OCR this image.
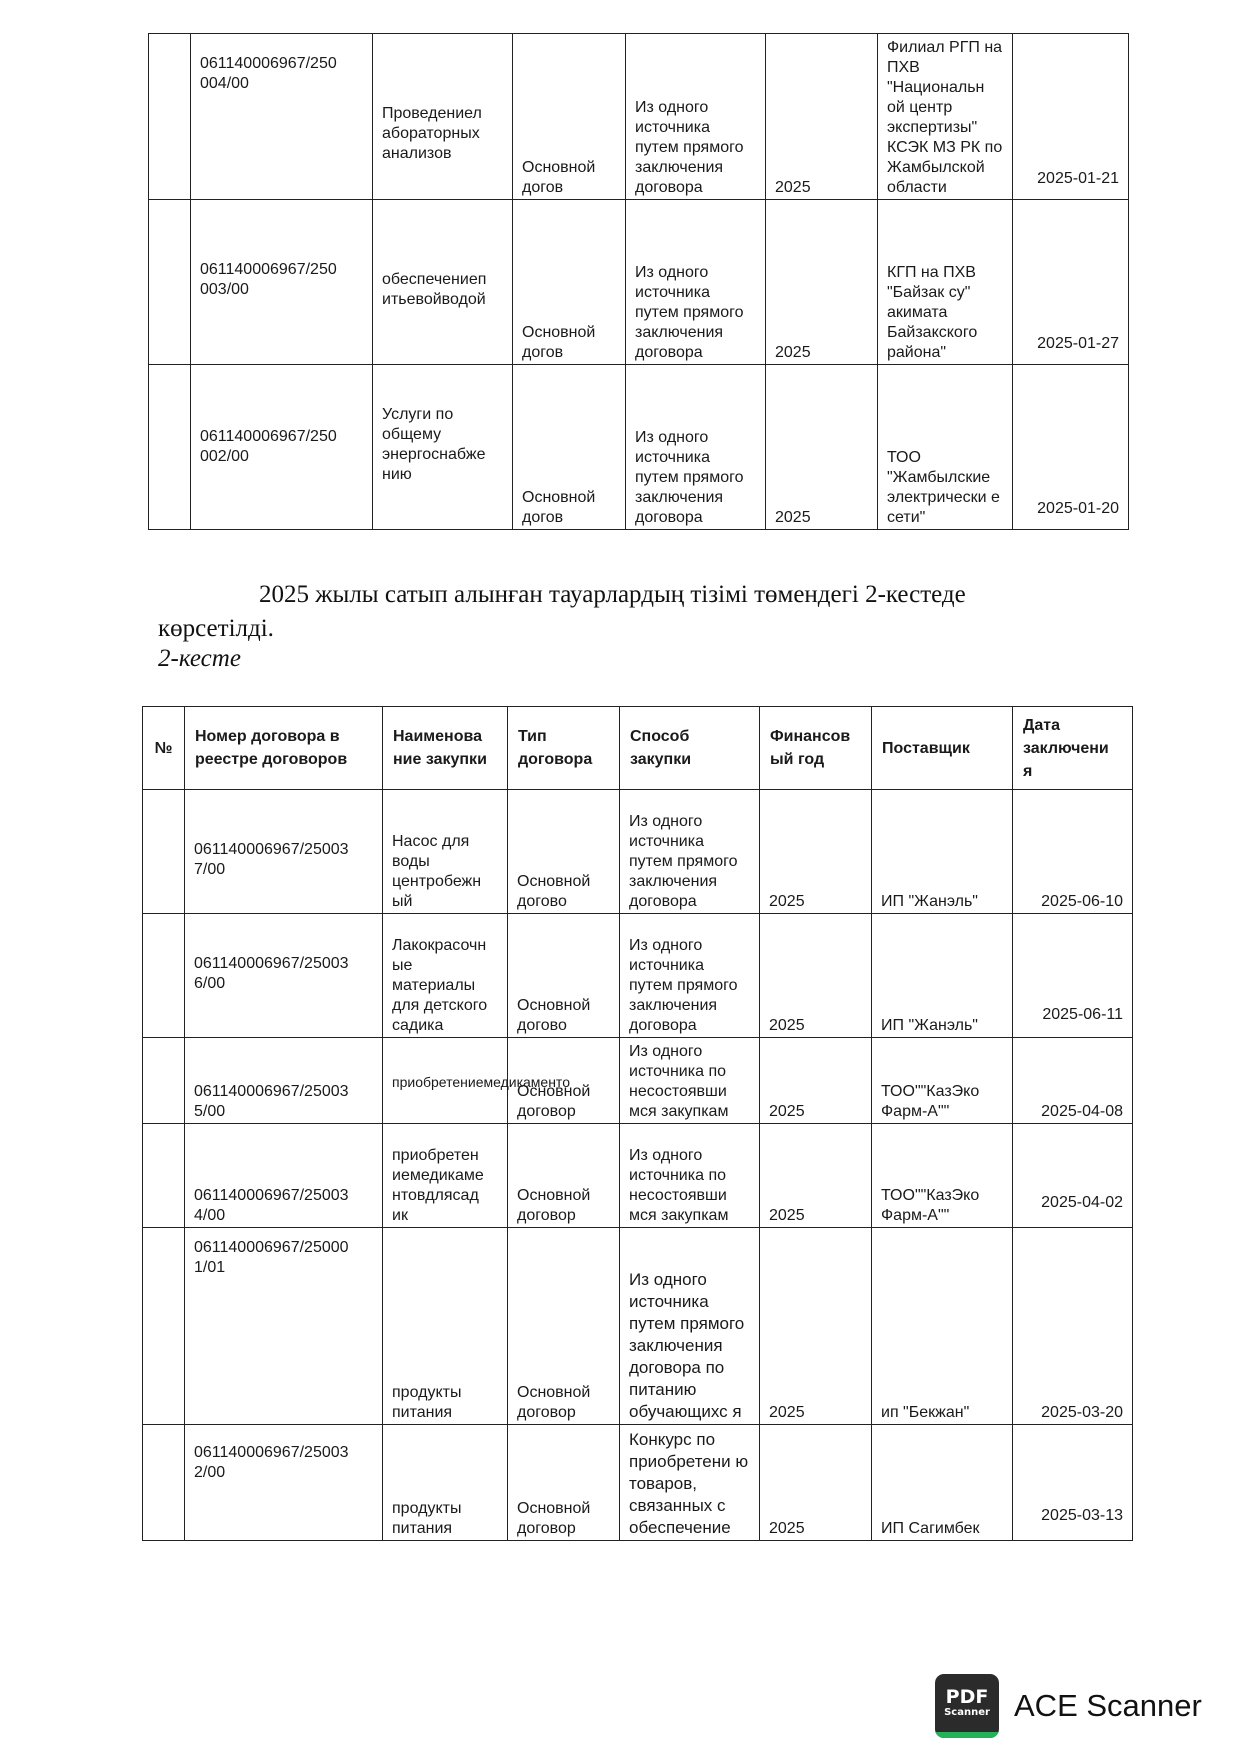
	061140006967/250 004/00	Проведениел абораторных анализов	Основной догов	Из одного источника путем прямого заключения договора	2025	Филиал РГП на ПХВ "Национальн ой центр экспертизы" КСЭК МЗ РК по Жамбылской области	2025-01-21
	061140006967/250 003/00	обеспечениеп итьевойводой	Основной догов	Из одного источника путем прямого заключения договора	2025	КГП на ПХВ "Байзак су" акимата Байзакского района"	2025-01-27
	061140006967/250 002/00	Услуги по общему энергоснабже нию	Основной догов	Из одного источника путем прямого заключения договора	2025	ТОО "Жамбылские электрически е сети"	2025-01-20
2025 жылы сатып алынған тауарлардың тізімі төмендегі 2-кестеде
көрсетілді.
2-кесте
№	Номер договора в реестре договоров	Наименова ние закупки	Тип договора	Способ закупки	Финансов ый год	Поставщик	Дата заключени я
	061140006967/25003 7/00	Насос для воды центробежн ый	Основной догово	Из одного источника путем прямого заключения договора	2025	ИП "Жанэль"	2025-06-10
	061140006967/25003 6/00	Лакокрасочн ые материалы для детского садика	Основной догово	Из одного источника путем прямого заключения договора	2025	ИП "Жанэль"	2025-06-11
	061140006967/25003 5/00	приобретениемедикаменто	Основной договор	Из одного источника по несостоявши мся закупкам	2025	ТОО""КазЭко Фарм-А""	2025-04-08
	061140006967/25003 4/00	приобретен иемедикаме нтовдлясад ик	Основной договор	Из одного источника по несостоявши мся закупкам	2025	ТОО""КазЭко Фарм-А""	2025-04-02
	061140006967/25000 1/01	продукты питания	Основной договор	Из одного источника путем прямого заключения договора по питанию обучающихс я	2025	ип "Бекжан"	2025-03-20
	061140006967/25003 2/00	продукты питания	Основной договор	Конкурс по приобретени ю товаров, связанных с обеспечение	2025	ИП Сагимбек	2025-03-13
PDF
Scanner ACE Scanner
